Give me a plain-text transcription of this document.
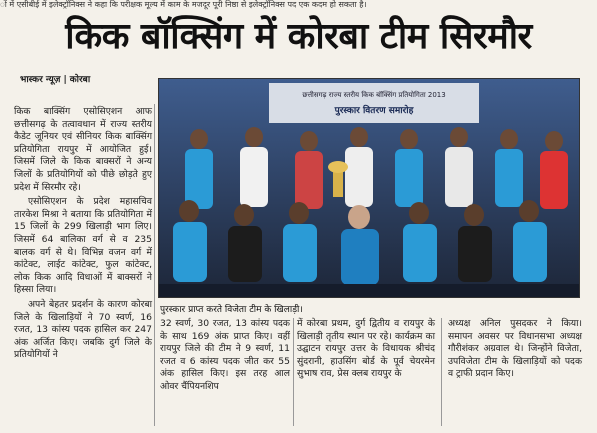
ों में एसीबीई में इलेक्ट्रॉनिक्स ने कहा कि परीक्षक मूल्य में काम के मजदूर पूरी निष्ठा से इलेक्ट्रॉनिक्स पद एक कदम हो सकता है।
किक बॉक्सिंग में कोरबा टीम सिरमौर
भास्कर न्यूज़ | कोरबा

किक बाक्सिंग एसोसिएशन आफ छत्तीसगढ़ के तत्वावधान में राज्य स्तरीय कैडेट जूनियर एवं सीनियर किक बाक्सिंग प्रतियोगिता रायपुर में आयोजित हुई। जिसमें जिले के किक बाक्सरों ने अन्य जिलों के प्रतियोगियों को पीछे छोड़ते हुए प्रदेश में सिरमौर रहे।

एसोसिएशन के प्रदेश महासचिव तारकेश मिश्रा ने बताया कि प्रतियोगिता में 15 जिलों के 299 खिलाड़ी भाग लिए। जिसमें 64 बालिका वर्ग से व 235 बालक वर्ग से थे। विभिन्न वजन वर्ग में कांटेक्ट, लाईट कांटेक्ट, फुल कांटेक्ट, लोक किक आदि विधाओं में बाक्सरों ने हिस्सा लिया।

अपने बेहतर प्रदर्शन के कारण कोरबा जिले के खिलाड़ियों ने 70 स्वर्ण, 16 रजत, 13 कांस्य पदक हासिल कर 247 अंक अर्जित किए। जबकि दुर्ग जिले के प्रतियोगियों ने

छत्तीसगढ़ राज्य स्तरीय किक बॉक्सिंग प्रतियोगिता 2013
पुरस्कार वितरण समारोह
पुरस्कार प्राप्त करते विजेता टीम के खिलाड़ी।

32 स्वर्ण, 30 रजत, 13 कांस्य पदक के साथ 169 अंक प्राप्त किए। वहीं रायपुर जिले की टीम ने 9 स्वर्ण, 11 रजत व 6 कांस्य पदक जीत कर 55 अंक हासिल किए। इस तरह आल ओवर चैंपियनशिप

में कोरबा प्रथम, दुर्ग द्वितीय व रायपुर के खिलाड़ी तृतीय स्थान पर रहे। कार्यक्रम का उद्घाटन रायपुर उत्तर के विधायक श्रीचंद सुंदरानी, हाउसिंग बोर्ड के पूर्व चेयरमेन सुभाष राव, प्रेस क्लब रायपुर के

अध्यक्ष अनिल पुसदकर ने किया। समापन अवसर पर विधानसभा अध्यक्ष गौरीशंकर अग्रवाल थे। जिन्होंने विजेता, उपविजेता टीम के खिलाड़ियों को पदक व ट्राफी प्रदान किए।
